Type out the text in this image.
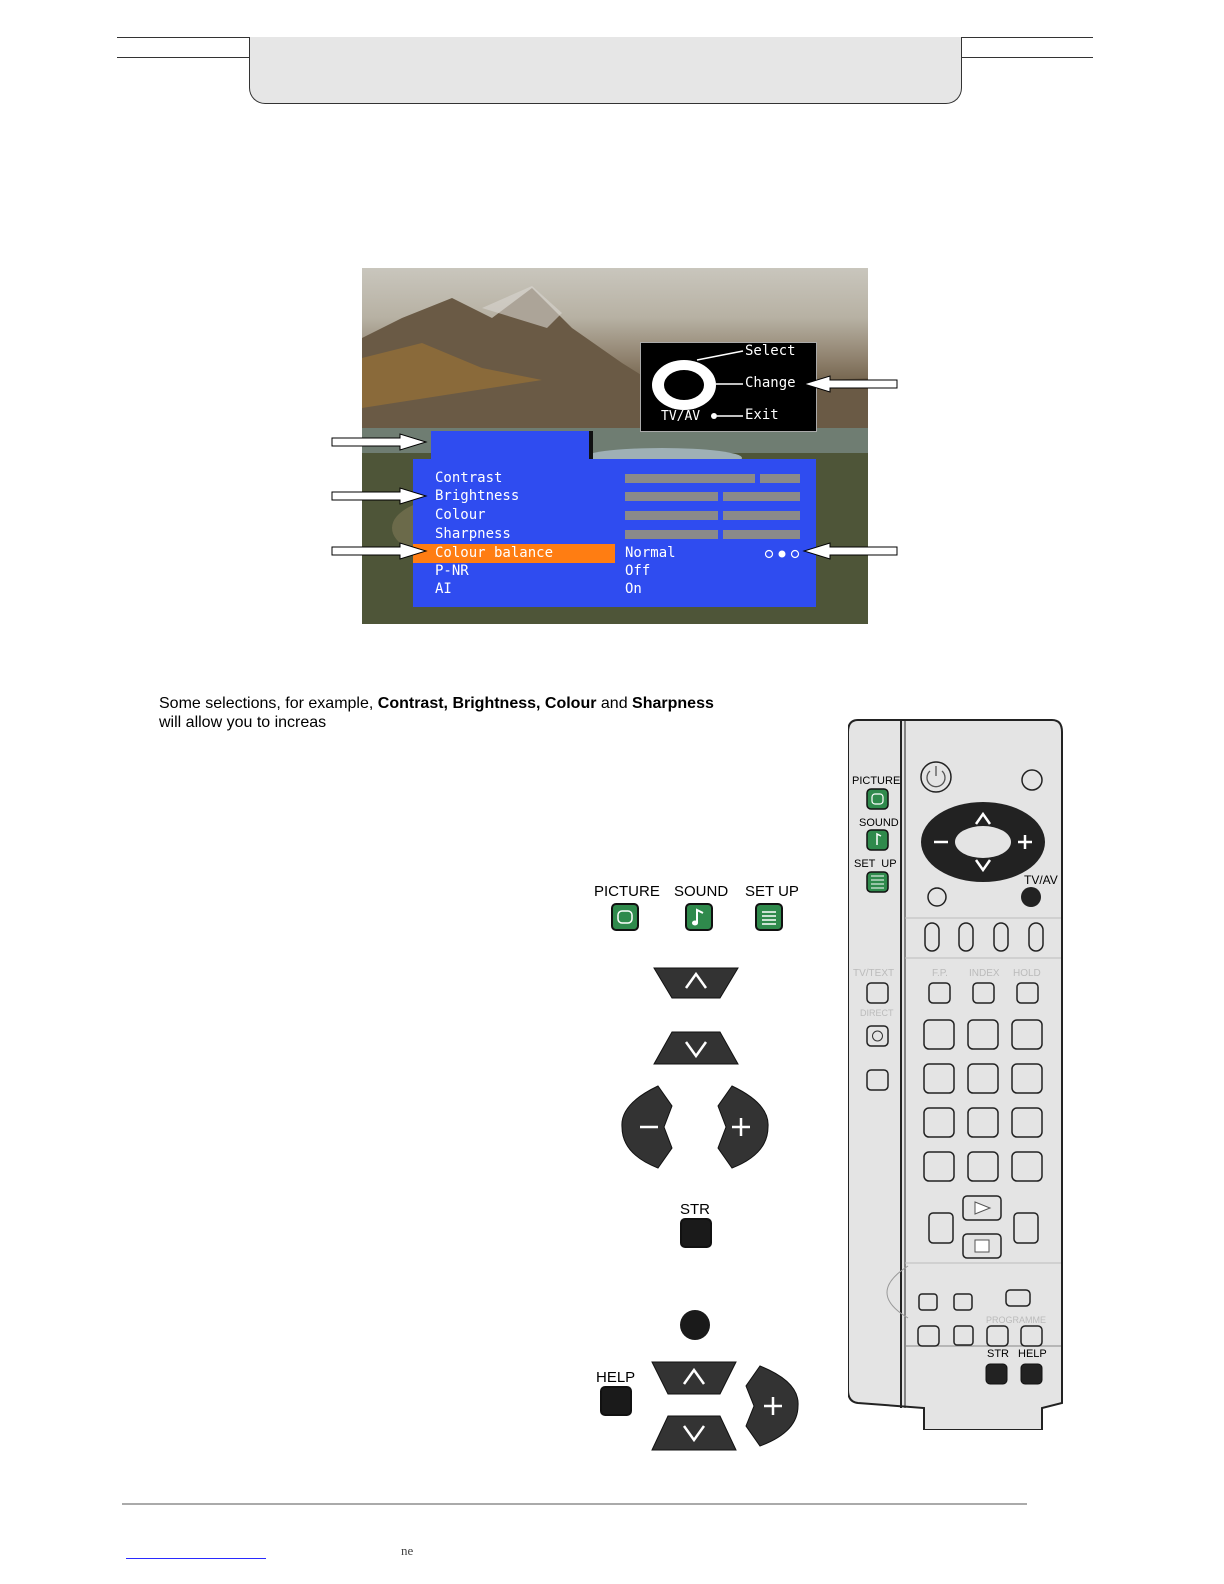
Select
Change
Exit
TV/AV
Contrast
Brightness
Colour
Sharpness
Colour balance	Normal
P-NR	Off
AI	On
Some selections, for example, Contrast, Brightness, Colour and Sharpness
will allow you to increas
PICTURE SOUND SET UP
STR
HELP
PICTURE
SOUND
SET  UP
TV/AV
TV/TEXT	F.P. INDEX HOLD
DIRECT
PROGRAMME
STR HELP
ne
